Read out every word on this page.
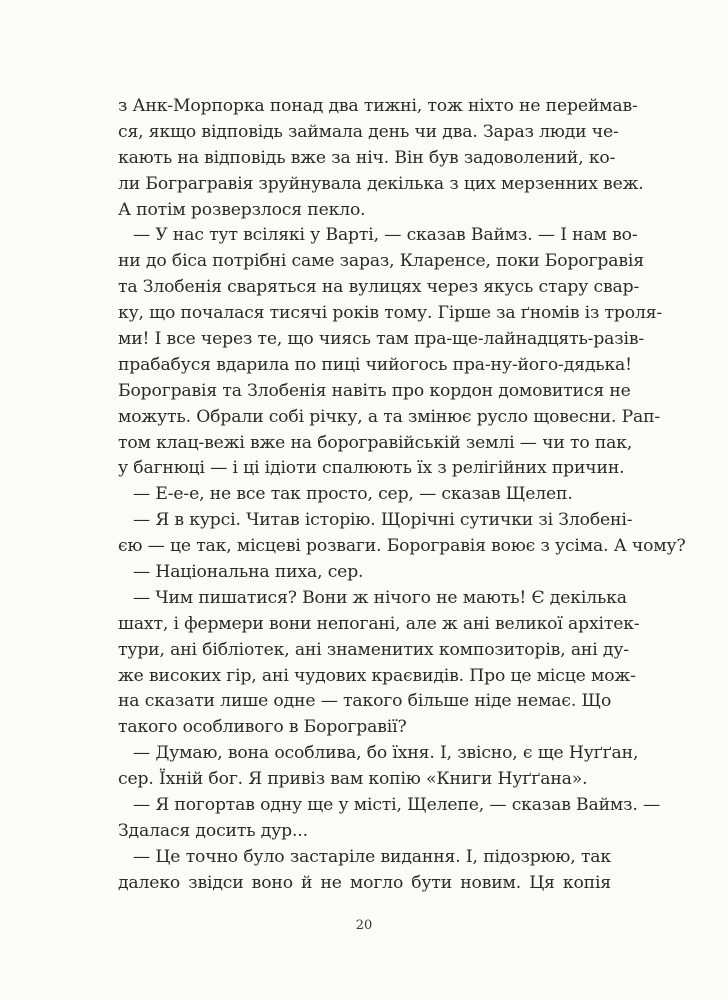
з Анк-Морпорка понад два тижні, тож ніхто не переймав-
ся, якщо відповідь займала день чи два. Зараз люди че-
кають на відповідь вже за ніч. Він був задоволений, ко-
ли Бограгравія зруйнувала декілька з цих мерзенних веж.
А потім розверзлося пекло.
— У нас тут всілякі у Варті, — сказав Ваймз. — І нам во-
ни до біса потрібні саме зараз, Кларенсе, поки Борогравія
та Злобенія сваряться на вулицях через якусь стару свар-
ку, що почалася тисячі років тому. Гірше за ґномів із троля-
ми! І все через те, що чиясь там пра-ще-лайнадцять-разів-
прабабуся вдарила по пиці чийогось пра-ну-його-дядька!
Борогравія та Злобенія навіть про кордон домовитися не
можуть. Обрали собі річку, а та змінює русло щовесни. Рап-
том клац-вежі вже на борогравійській землі — чи то пак,
у багнюці — і ці ідіоти спалюють їх з релігійних причин.
— Е-е-е, не все так просто, сер, — сказав Щелеп.
— Я в курсі. Читав історію. Щорічні сутички зі Злобені-
єю — це так, місцеві розваги. Борогравія воює з усіма. А чому?
— Національна пиха, сер.
— Чим пишатися? Вони ж нічого не мають! Є декілька
шахт, і фермери вони непогані, але ж ані великої архітек-
тури, ані бібліотек, ані знаменитих композиторів, ані ду-
же високих гір, ані чудових краєвидів. Про це місце мож-
на сказати лише одне — такого більше ніде немає. Що
такого особливого в Борогравії?
— Думаю, вона особлива, бо їхня. І, звісно, є ще Нуґґан,
сер. Їхній бог. Я привіз вам копію «Книги Нуґґана».
— Я погортав одну ще у місті, Щелепе, — сказав Ваймз. —
Здалася досить дур...
— Це точно було застаріле видання. І, підозрюю, так
далеко звідси воно й не могло бути новим. Ця копія
20
